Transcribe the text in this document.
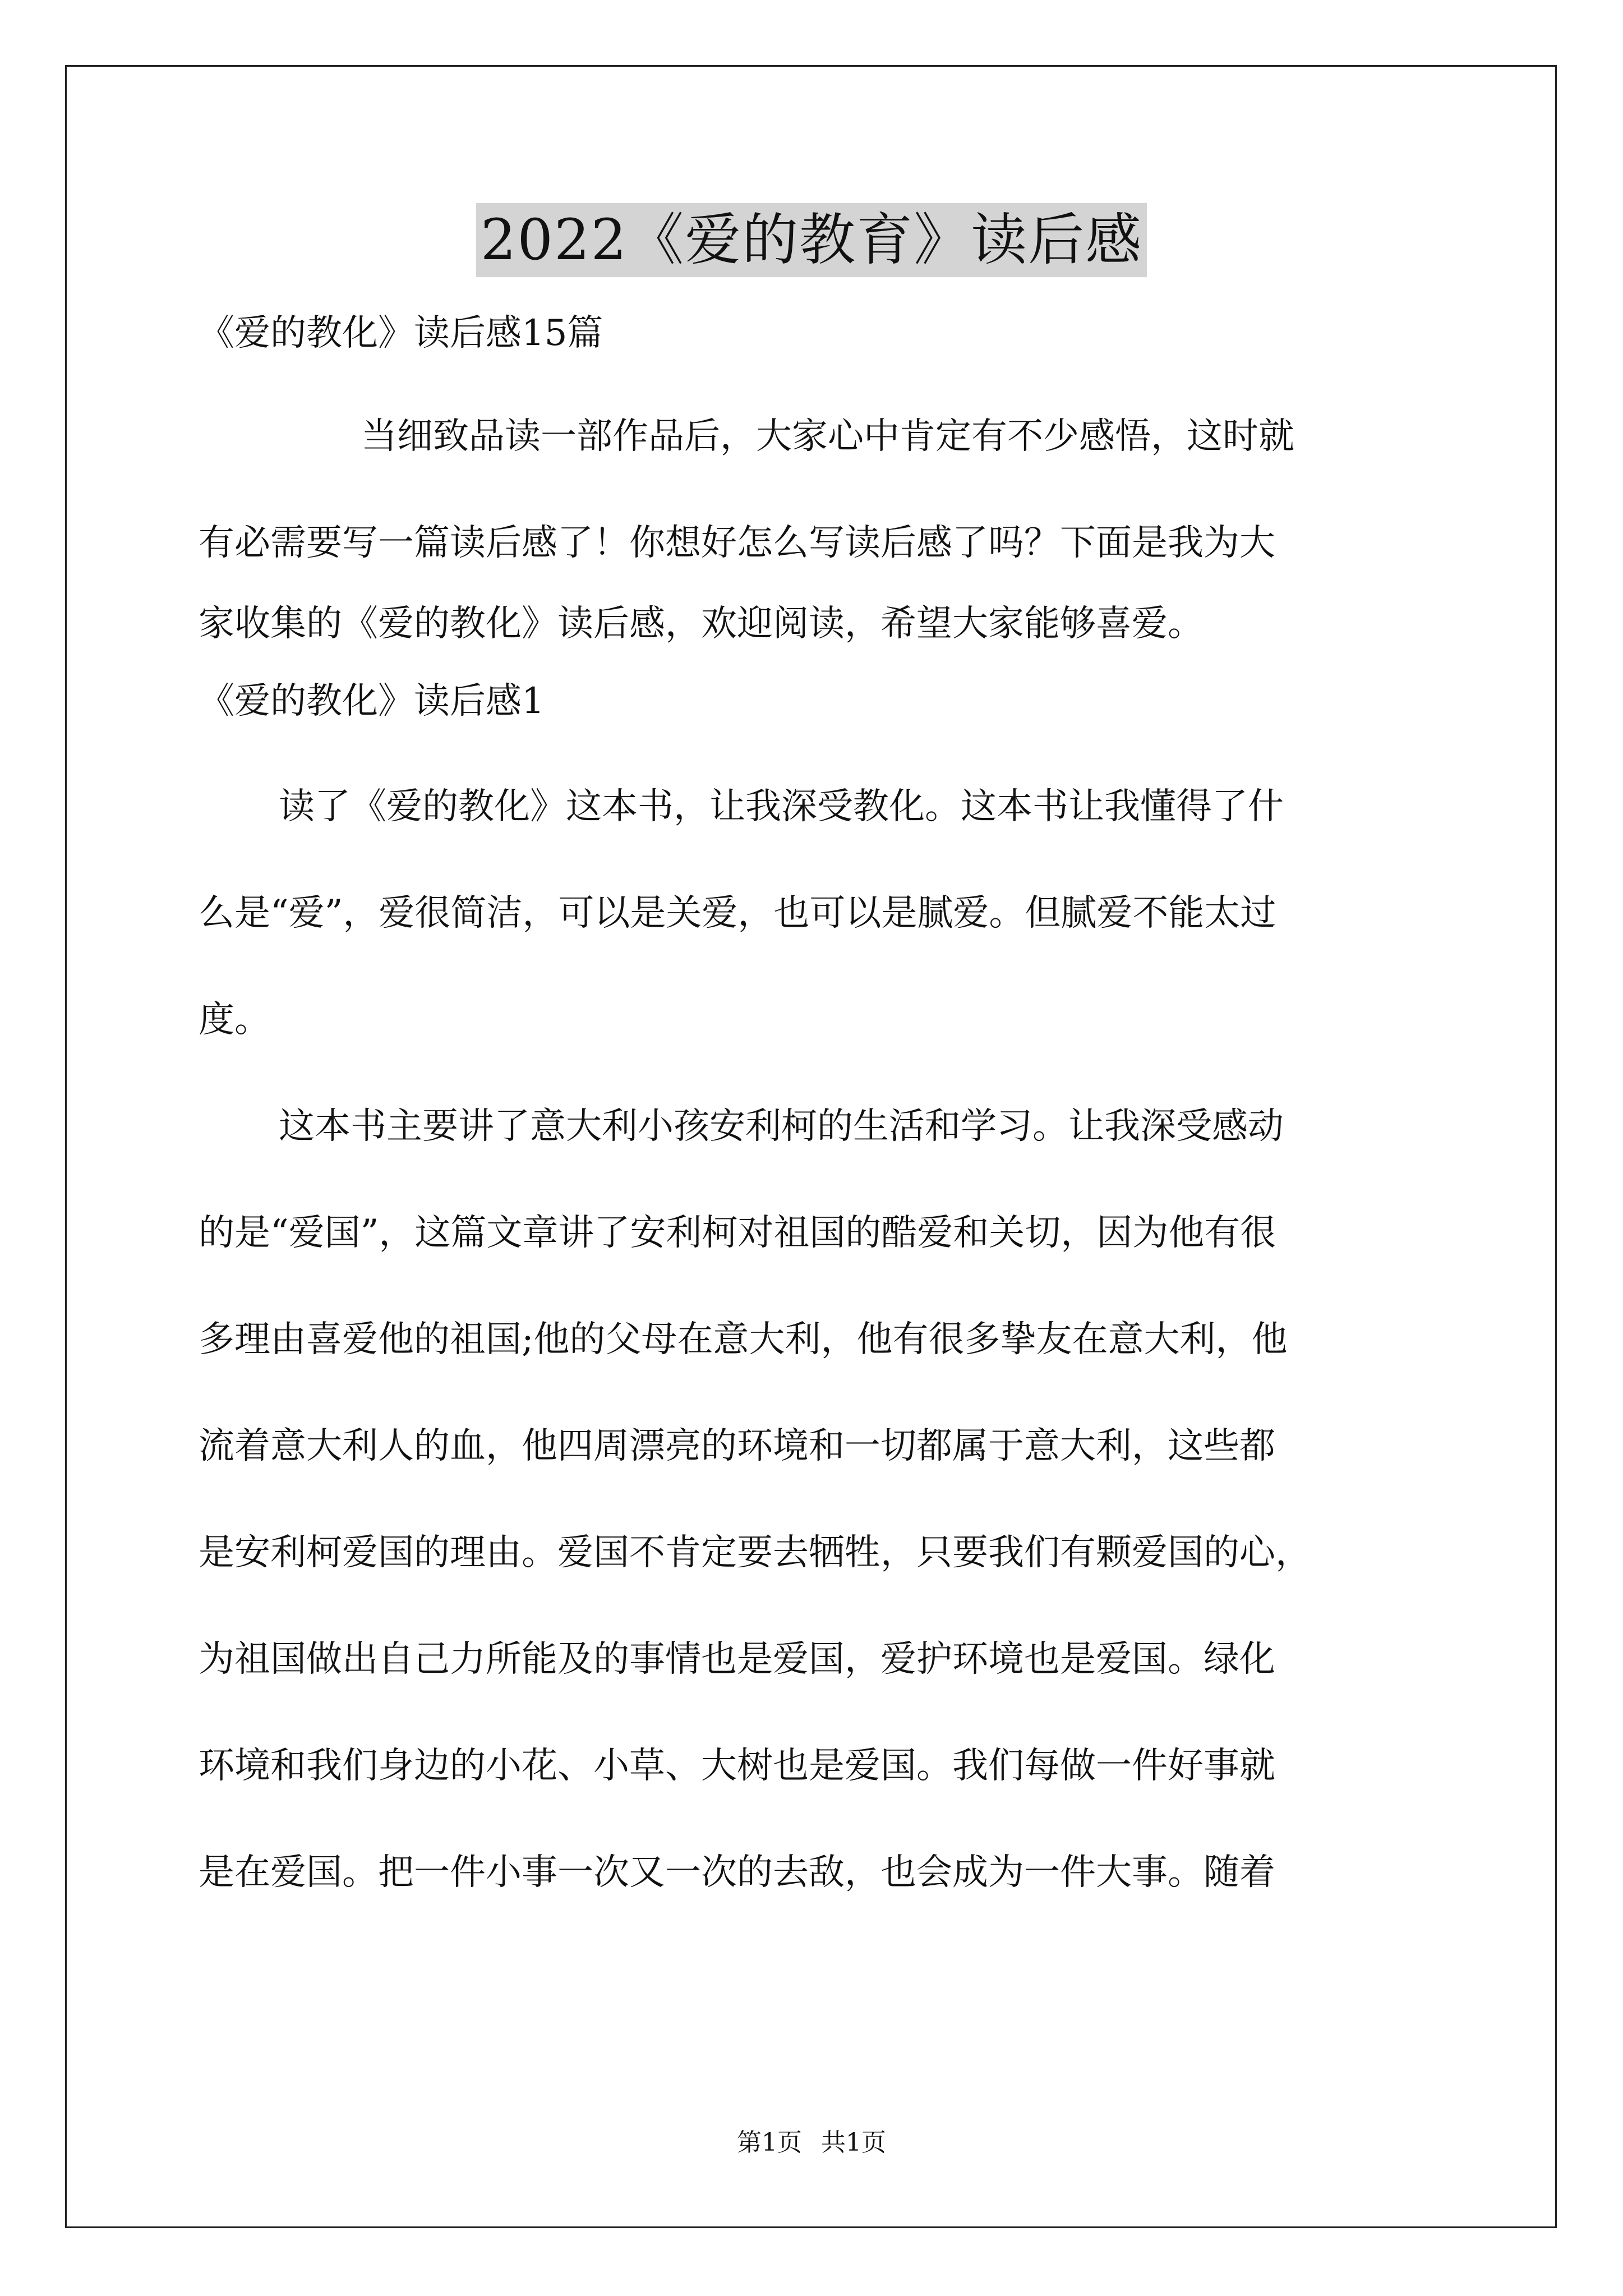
2022《爱的教育》读后感

《爱的教化》读后感15篇

当细致品读一部作品后，大家心中肯定有不少感悟，这时就
有必需要写一篇读后感了！你想好怎么写读后感了吗？下面是我为大
家收集的《爱的教化》读后感，欢迎阅读，希望大家能够喜爱。

《爱的教化》读后感1

读了《爱的教化》这本书，让我深受教化。这本书让我懂得了什
么是“爱”，爱很简洁，可以是关爱，也可以是腻爱。但腻爱不能太过
度。
这本书主要讲了意大利小孩安利柯的生活和学习。让我深受感动
的是“爱国”，这篇文章讲了安利柯对祖国的酷爱和关切，因为他有很
多理由喜爱他的祖国;他的父母在意大利，他有很多挚友在意大利，他
流着意大利人的血，他四周漂亮的环境和一切都属于意大利，这些都
是安利柯爱国的理由。爱国不肯定要去牺牲，只要我们有颗爱国的心，
为祖国做出自己力所能及的事情也是爱国，爱护环境也是爱国。绿化
环境和我们身边的小花、小草、大树也是爱国。我们每做一件好事就
是在爱国。把一件小事一次又一次的去敌，也会成为一件大事。随着
第1页 共1页
